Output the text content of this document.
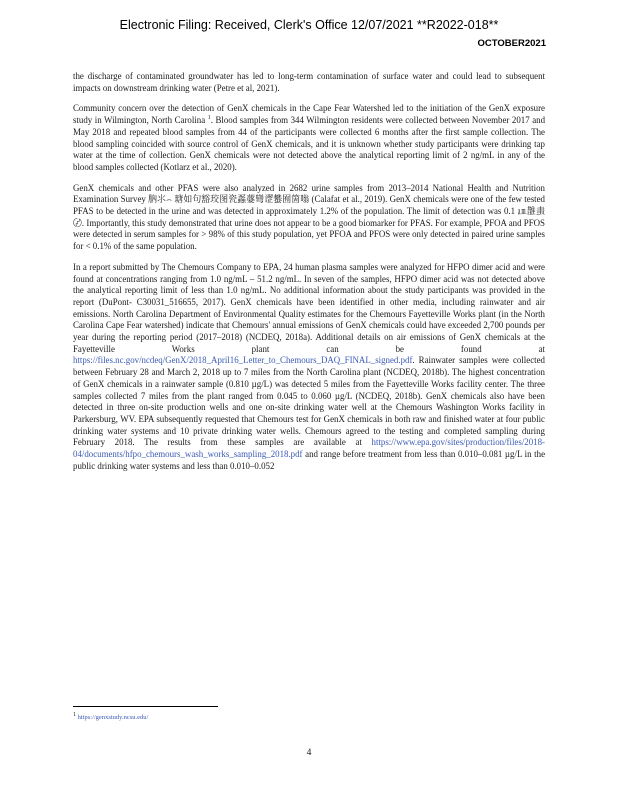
Electronic Filing: Received, Clerk's Office 12/07/2021 **R2022-018**
OCTOBER2021

the discharge of contaminated groundwater has led to long-term contamination of surface water and could lead to subsequent impacts on downstream drinking water (Petre et al, 2021).

Community concern over the detection of GenX chemicals in the Cape Fear Watershed led to the initiation of the GenX exposure study in Wilmington, North Carolina $^1$. Blood samples from 344 Wilmington residents were collected between November 2017 and May 2018 and repeated blood samples from 44 of the participants were collected 6 months after the first sample collection. The blood sampling coincided with source control of GenX chemicals, and it is unknown whether study participants were drinking tap water at the time of collection. GenX chemicals were not detected above the analytical reporting limit of 2 ng/mL in any of the blood samples collected (Kotlarz et al., 2020).

GenX chemicals and other PFAS were also analyzed in 2682 urine samples from 2013–2014 National Health and Nutrition Examination Survey 䶺⺢⌢ 瑭如句豁珓图瓷蟸蔢彎䜧蠜囿箇嗡 (Calafat et al., 2019). GenX chemicals were one of the few tested PFAS to be detected in the urine and was detected in approximately 1.2% of the population. The limit of detection was 0.1 ㏂䧿䖯〄. Importantly, this study demonstrated that urine does not appear to be a good biomarker for PFAS. For example, PFOA and PFOS were detected in serum samples for > 98% of this study population, yet PFOA and PFOS were only detected in paired urine samples for < 0.1% of the same population.

In a report submitted by The Chemours Company to EPA, 24 human plasma samples were analyzed for HFPO dimer acid and were found at concentrations ranging from 1.0 ng/mL – 51.2 ng/mL. In seven of the samples, HFPO dimer acid was not detected above the analytical reporting limit of less than 1.0 ng/mL. No additional information about the study participants was provided in the report (DuPont- C30031_516655, 2017). GenX chemicals have been identified in other media, including rainwater and air emissions. North Carolina Department of Environmental Quality estimates for the Chemours Fayetteville Works plant (in the North Carolina Cape Fear watershed) indicate that Chemours' annual emissions of GenX chemicals could have exceeded 2,700 pounds per year during the reporting period (2017–2018) (NCDEQ, 2018a). Additional details on air emissions of GenX chemicals at the Fayetteville Works plant can be found at https://files.nc.gov/ncdeq/GenX/2018_April16_Letter_to_Chemours_DAQ_FINAL_signed.pdf. Rainwater samples were collected between February 28 and March 2, 2018 up to 7 miles from the North Carolina plant (NCDEQ, 2018b). The highest concentration of GenX chemicals in a rainwater sample (0.810 µg/L) was detected 5 miles from the Fayetteville Works facility center. The three samples collected 7 miles from the plant ranged from 0.045 to 0.060 µg/L (NCDEQ, 2018b). GenX chemicals also have been detected in three on-site production wells and one on-site drinking water well at the Chemours Washington Works facility in Parkersburg, WV. EPA subsequently requested that Chemours test for GenX chemicals in both raw and finished water at four public drinking water systems and 10 private drinking water wells. Chemours agreed to the testing and completed sampling during February 2018. The results from these samples are available at https://www.epa.gov/sites/production/files/2018-04/documents/hfpo_chemours_wash_works_sampling_2018.pdf and range before treatment from less than 0.010–0.081 µg/L in the public drinking water systems and less than 0.010–0.052

$^1$ https://genxstudy.ncsu.edu/
4
